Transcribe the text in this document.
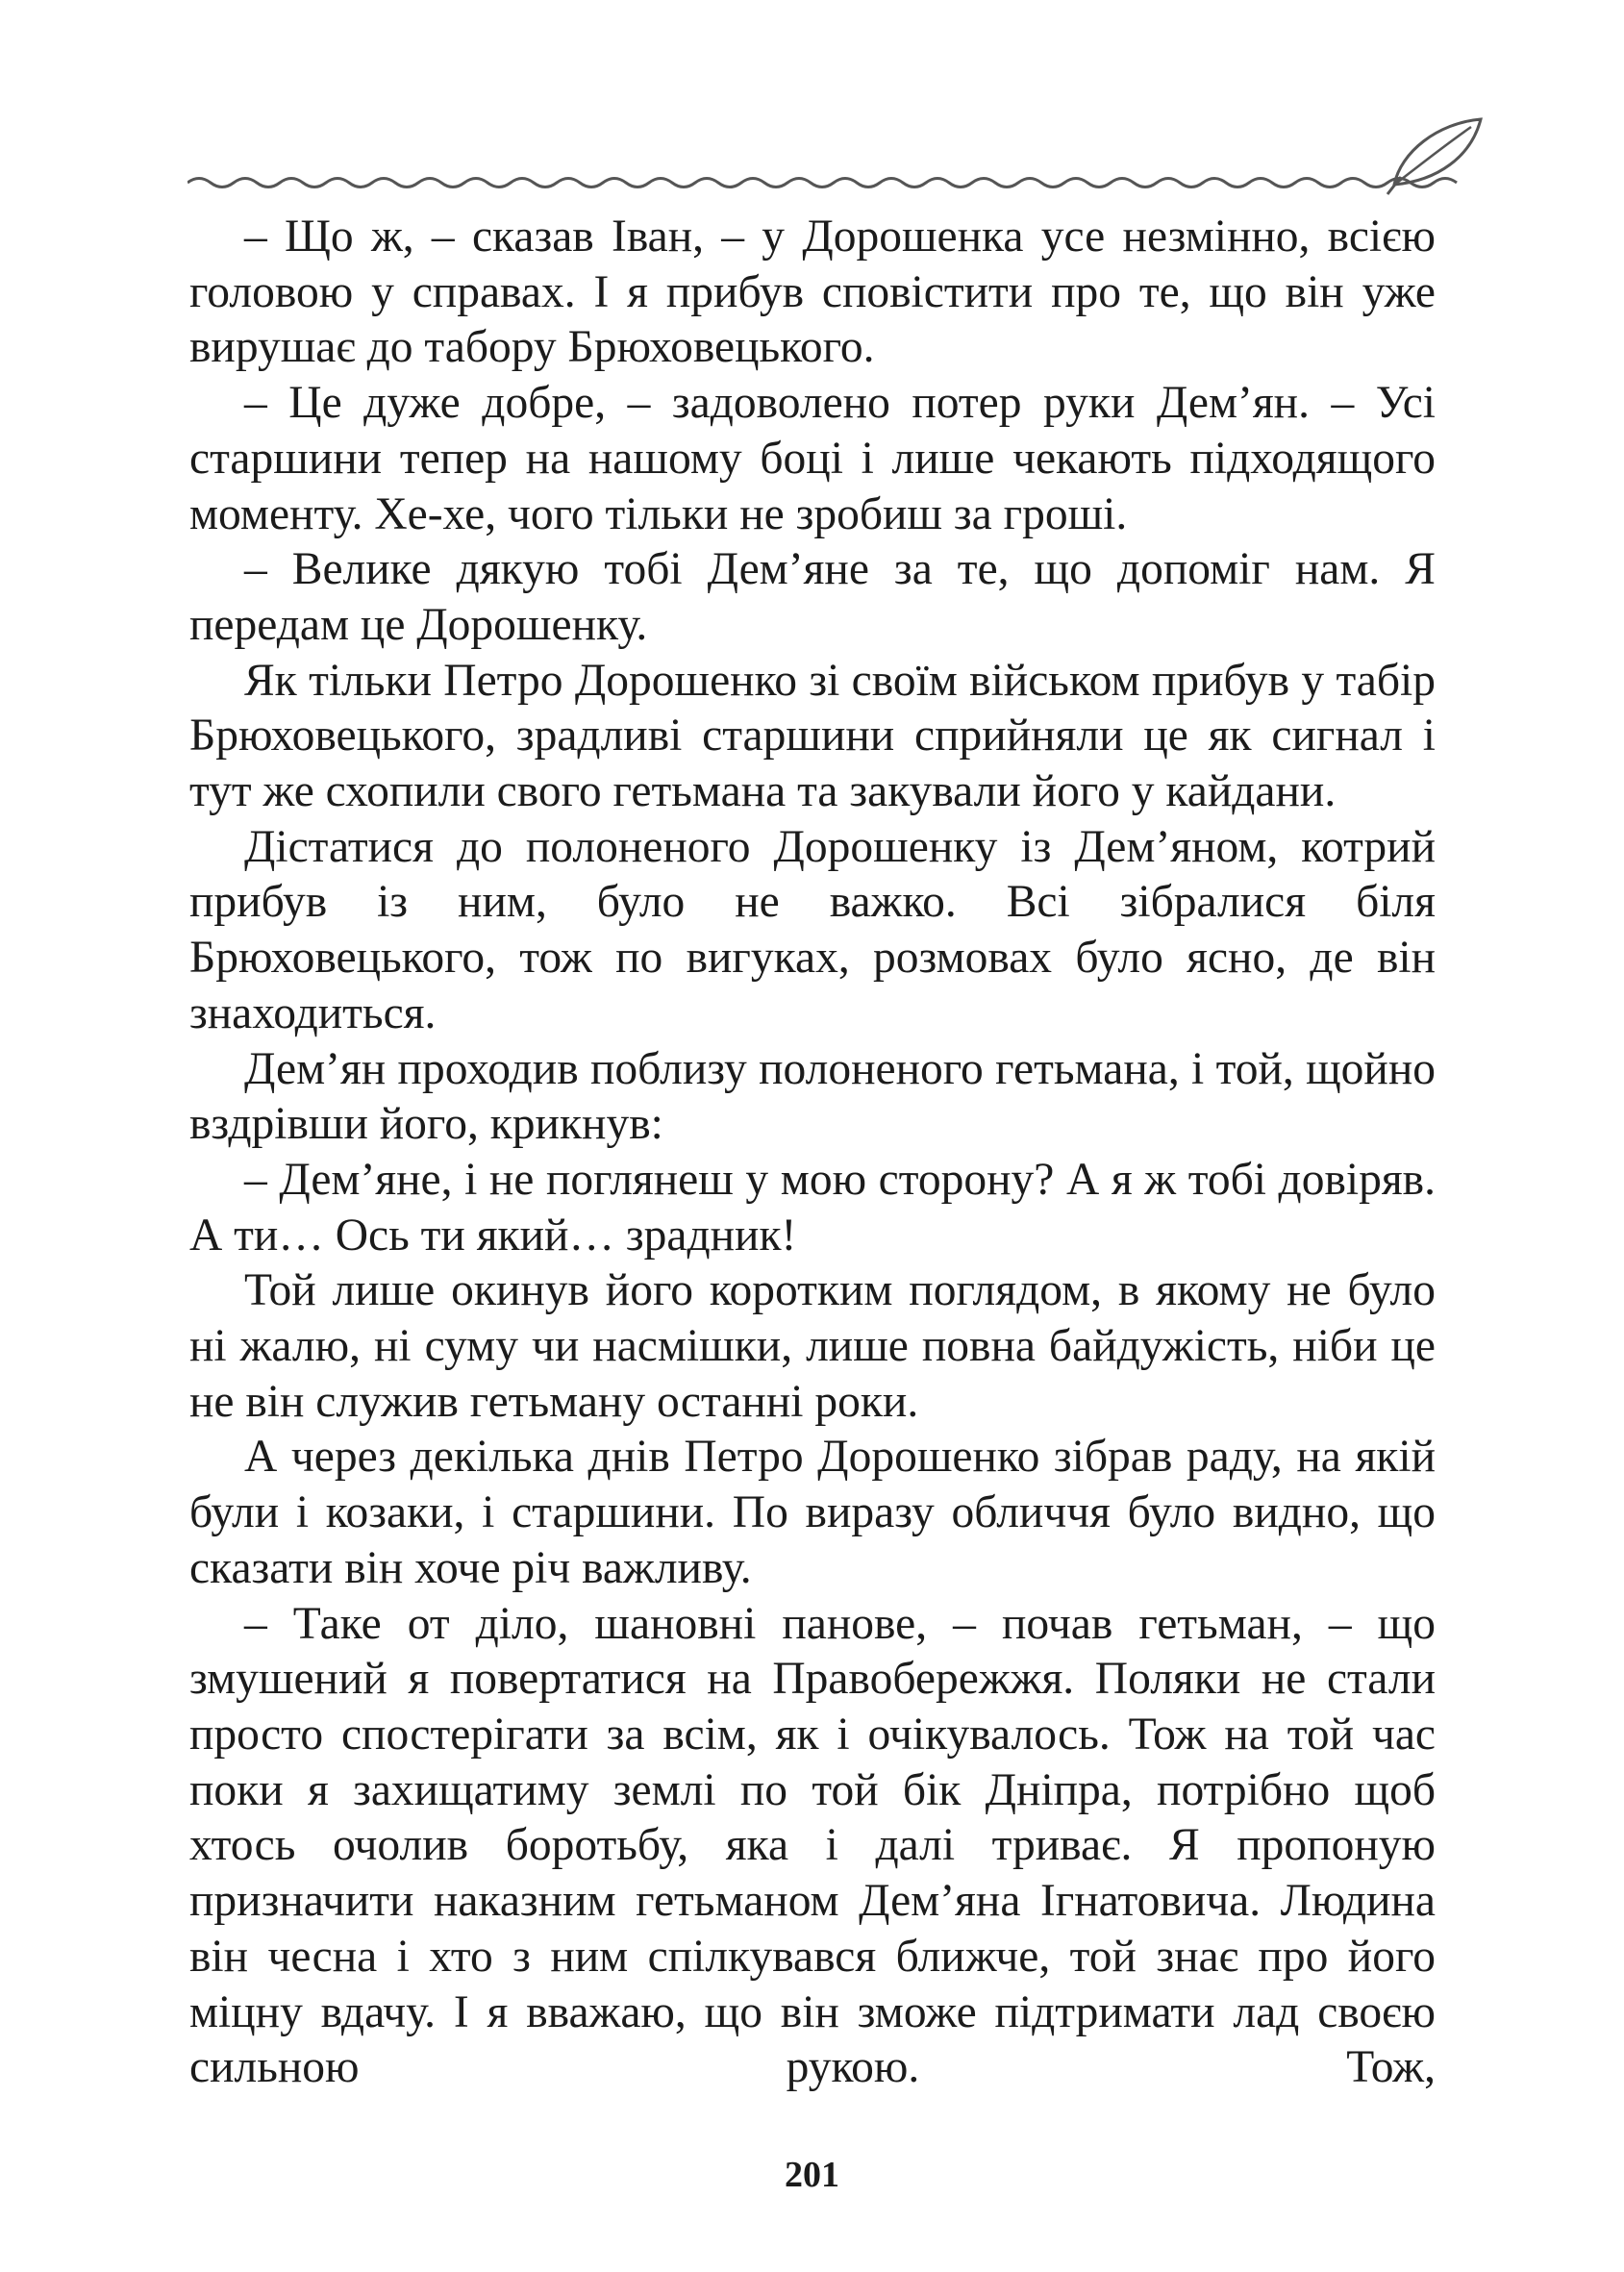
– Що ж, – сказав Іван, – у Дорошенка усе незмінно, всією головою у справах. І я прибув сповістити про те, що він уже вирушає до табору Брюховецького.

– Це дуже добре, – задоволено потер руки Дем’ян. – Усі старшини тепер на нашому боці і лише чекають підходящого моменту. Хе-хе, чого тільки не зробиш за гроші.

– Велике дякую тобі Дем’яне за те, що допоміг нам. Я передам це Дорошенку.

Як тільки Петро Дорошенко зі своїм військом прибув у табір Брюховецького, зрадливі старшини сприйняли це як сигнал і тут же схопили свого гетьмана та закували його у кайдани.

Дістатися до полоненого Дорошенку із Дем’яном, котрий прибув із ним, було не важко. Всі зібралися біля Брюховецького, тож по вигуках, розмовах було ясно, де він знаходиться.

Дем’ян проходив поблизу полоненого гетьмана, і той, щойно вздрівши його, крикнув:

– Дем’яне, і не поглянеш у мою сторону? А я ж тобі довіряв. А ти… Ось ти який… зрадник!

Той лише окинув його коротким поглядом, в якому не було ні жалю, ні суму чи насмішки, лише повна байдужість, ніби це не він служив гетьману останні роки.

А через декілька днів Петро Дорошенко зібрав раду, на якій були і козаки, і старшини. По виразу обличчя було видно, що сказати він хоче річ важливу.

– Таке от діло, шановні панове, – почав гетьман, – що змушений я повертатися на Правобережжя. Поляки не стали просто спостерігати за всім, як і очікувалось. Тож на той час поки я захищатиму землі по той бік Дніпра, потрібно щоб хтось очолив боротьбу, яка і далі триває. Я пропоную призначити наказним гетьманом Дем’яна Ігнатовича. Людина він чесна і хто з ним спілкувався ближче, той знає про його міцну вдачу. І я вважаю, що він зможе підтримати лад своєю сильною рукою. Тож,

201
